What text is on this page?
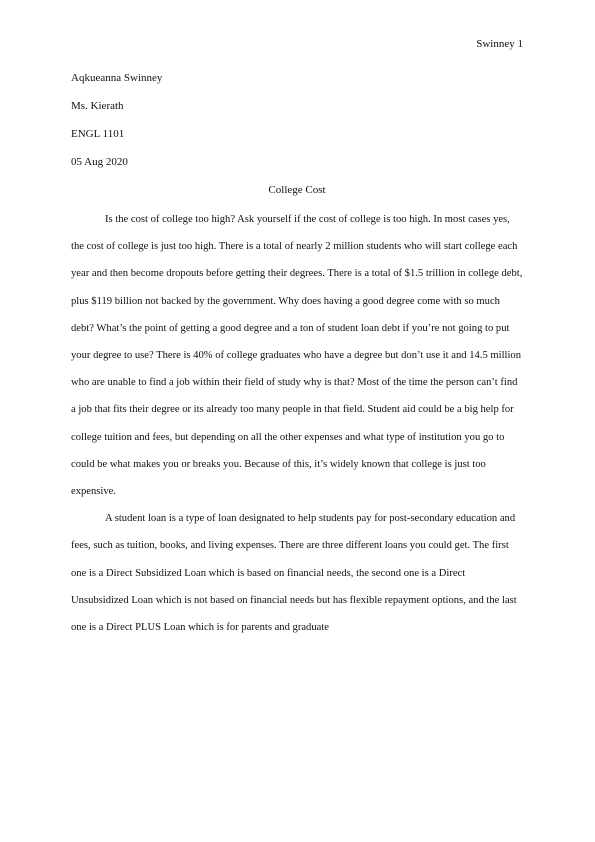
Swinney 1
Aqkueanna Swinney
Ms. Kierath
ENGL 1101
05 Aug 2020
College Cost

Is the cost of college too high? Ask yourself if the cost of college is too high. In most cases yes, the cost of college is just too high. There is a total of nearly 2 million students who will start college each year and then become dropouts before getting their degrees. There is a total of $1.5 trillion in college debt, plus $119 billion not backed by the government. Why does having a good degree come with so much debt? What’s the point of getting a good degree and a ton of student loan debt if you’re not going to put your degree to use? There is 40% of college graduates who have a degree but don’t use it and 14.5 million who are unable to find a job within their field of study why is that? Most of the time the person can’t find a job that fits their degree or its already too many people in that field. Student aid could be a big help for college tuition and fees, but depending on all the other expenses and what type of institution you go to could be what makes you or breaks you. Because of this, it’s widely known that college is just too expensive.

A student loan is a type of loan designated to help students pay for post-secondary education and fees, such as tuition, books, and living expenses. There are three different loans you could get. The first one is a Direct Subsidized Loan which is based on financial needs, the second one is a Direct Unsubsidized Loan which is not based on financial needs but has flexible repayment options, and the last one is a Direct PLUS Loan which is for parents and graduate
